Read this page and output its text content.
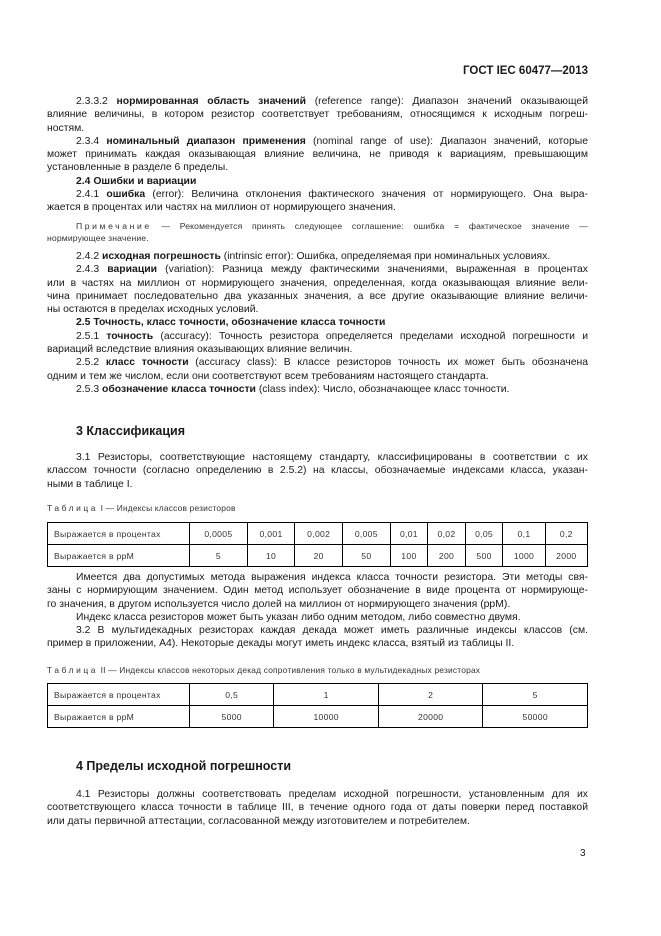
ГОСТ IEC 60477—2013
2.3.3.2 нормированная область значений (reference range): Диапазон значений оказывающей
влияние величины, в котором резистор соответствует требованиям, относящимся к исходным погреш-
ностям.
2.3.4 номинальный диапазон применения (nominal range of use): Диапазон значений, которые
может принимать каждая оказывающая влияние величина, не приводя к вариациям, превышающим
установленные в разделе 6 пределы.
2.4 Ошибки и вариации
2.4.1 ошибка (error): Величина отклонения фактического значения от нормирующего. Она выра-
жается в процентах или частях на миллион от нормирующего значения.
Примечание — Рекомендуется принять следующее соглашение: ошибка = фактическое значение —
нормирующее значение.
2.4.2 исходная погрешность (intrinsic error): Ошибка, определяемая при номинальных условиях.
2.4.3 вариации (variation): Разница между фактическими значениями, выраженная в процентах
или в частях на миллион от нормирующего значения, определенная, когда оказывающая влияние вели-
чина принимает последовательно два указанных значения, а все другие оказывающие влияние величи-
ны остаются в пределах исходных условий.
2.5 Точность, класс точности, обозначение класса точности
2.5.1 точность (accuracy): Точность резистора определяется пределами исходной погрешности и
вариаций вследствие влияния оказывающих влияние величин.
2.5.2 класс точности (accuracy class): В классе резисторов точность их может быть обозначена
одним и тем же числом, если они соответствуют всем требованиям настоящего стандарта.
2.5.3 обозначение класса точности (class index): Число, обозначающее класс точности.
3 Классификация
3.1 Резисторы, соответствующие настоящему стандарту, классифицированы в соответствии с их
классом точности (согласно определению в 2.5.2) на классы, обозначаемые индексами класса, указан-
ными в таблице I.
Таблица I — Индексы классов резисторов
Выражается в процентах	0,0005	0,001	0,002	0,005	0,01	0,02	0,05	0,1	0,2
Выражается в ppM	5	10	20	50	100	200	500	1000	2000
Имеется два допустимых метода выражения индекса класса точности резистора. Эти методы свя-
заны с нормирующим значением. Один метод использует обозначение в виде процента от нормирующе-
го значения, в другом используется число долей на миллион от нормирующего значения (ppM).
Индекс класса резисторов может быть указан либо одним методом, либо совместно двумя.
3.2 В мультидекадных резисторах каждая декада может иметь различные индексы классов (см.
пример в приложении, А4). Некоторые декады могут иметь индекс класса, взятый из таблицы II.
Таблица II — Индексы классов некоторых декад сопротивления только в мультидекадных резисторах
Выражается в процентах	0,5	1	2	5
Выражается в ppM	5000	10000	20000	50000
4 Пределы исходной погрешности
4.1 Резисторы должны соответствовать пределам исходной погрешности, установленным для их
соответствующего класса точности в таблице III, в течение одного года от даты поверки перед поставкой
или даты первичной аттестации, согласованной между изготовителем и потребителем.
3
